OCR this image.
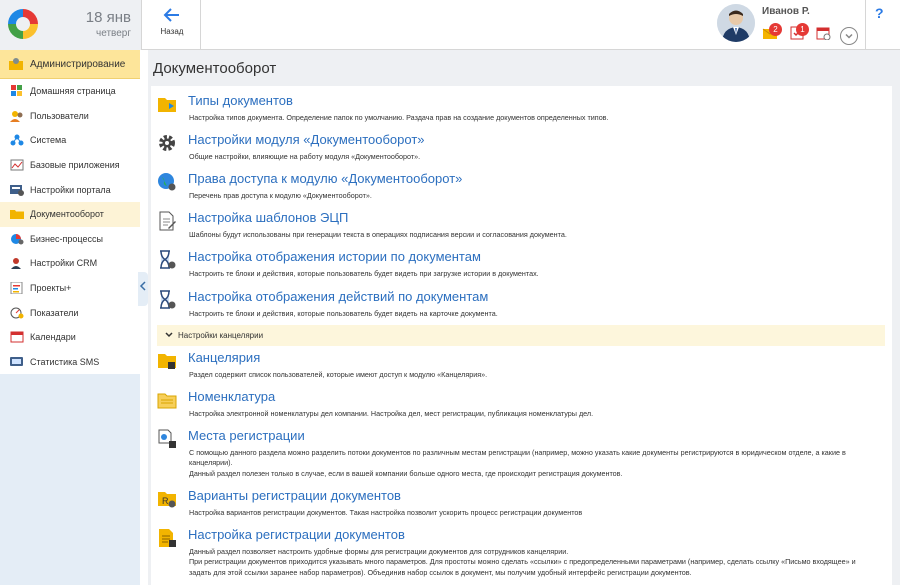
18 янв
четверг	Назад
Иванов Р.
2	1
?
Администрирование
Домашняя страница
Пользователи
Система
Базовые приложения
Настройки портала
Документооборот
Бизнес-процессы
Настройки CRM
Проекты+
Показатели
Календари
Статистика SMS
Документооборот
Типы документов
Настройка типов документа. Определение папок по умолчанию. Раздача прав на создание документов определенных типов.
Настройки модуля «Документооборот»
Общие настройки, влияющие на работу модуля «Документооборот».
Права доступа к модулю «Документооборот»
Перечень прав доступа к модулю «Документооборот».
Настройка шаблонов ЭЦП
Шаблоны будут использованы при генерации текста в операциях подписания версии и согласования документа.
Настройка отображения истории по документам
Настроить те блоки и действия, которые пользователь будет видеть при загрузке истории в документах.
Настройка отображения действий по документам
Настроить те блоки и действия, которые пользователь будет видеть на карточке документа.
Настройки канцелярии
Канцелярия
Раздел содержит список пользователей, которые имеют доступ к модулю «Канцелярия».
Номенклатура
Настройка электронной номенклатуры дел компании. Настройка дел, мест регистрации, публикация номенклатуры дел.
Места регистрации
С помощью данного раздела можно разделить потоки документов по различным местам регистрации (например, можно указать какие документы регистрируются в юридическом отделе, а какие в канцелярии).
Данный раздел полезен только в случае, если в вашей компании больше одного места, где происходит регистрация документов.
R Варианты регистрации документов
Настройка вариантов регистрации документов. Такая настройка позволит ускорить процесс регистрации документов
Настройка регистрации документов
Данный раздел позволяет настроить удобные формы для регистрации документов для сотрудников канцелярии.
При регистрации документов приходится указывать много параметров. Для простоты можно сделать «ссылки» с предопределенными параметрами (например, сделать ссылку «Письмо входящее» и задать для этой ссылки заранее набор параметров). Объединив набор ссылок в документ, мы получим удобный интерфейс регистрации документов.
